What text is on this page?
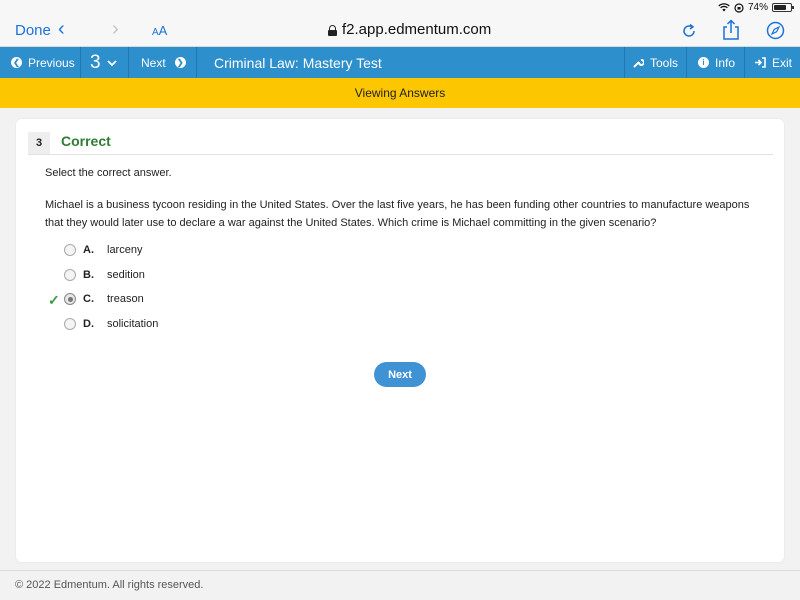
74%
Done ‹ ›	AA	f2.app.edmentum.com
❮ Previous 3	Next ❯ Criminal Law: Mastery Test	Tools	i Info	Exit
Viewing Answers
3	Correct
Select the correct answer.
Michael is a business tycoon residing in the United States. Over the last five years, he has been funding other countries to manufacture weapons that they would later use to declare a war against the United States. Which crime is Michael committing in the given scenario?
A. larceny
B. sedition
✓ C. treason
D. solicitation
Next
© 2022 Edmentum. All rights reserved.
